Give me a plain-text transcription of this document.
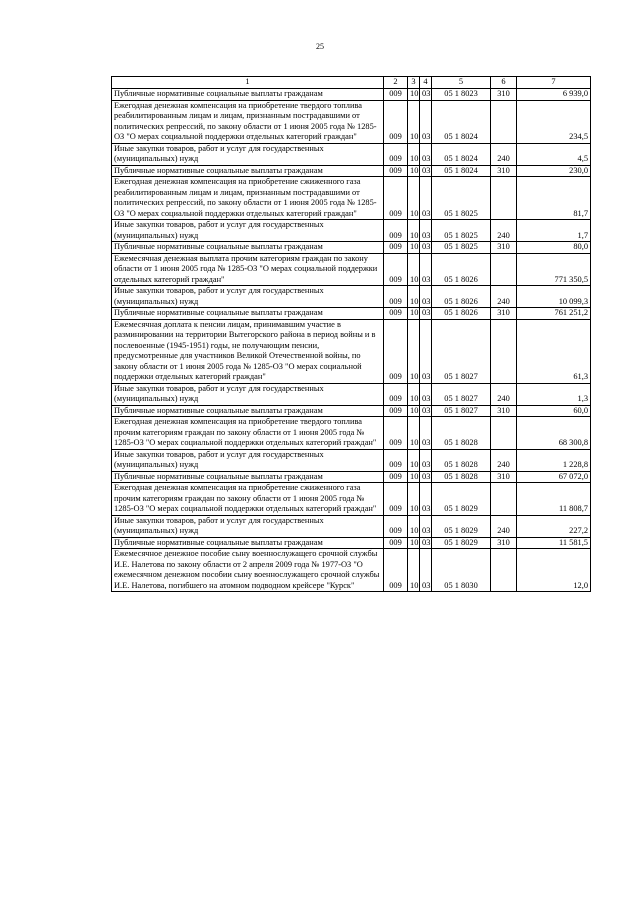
25
1	2	3	4	5	6	7
Публичные нормативные социальные выплаты гражданам	009	10	03	05 1 8023	310	6 939,0
Ежегодная денежная компенсация на приобретение твердого топлива реабилитированным лицам и лицам, признанным пострадавшими от политических репрессий, по закону области от 1 июня 2005 года № 1285-ОЗ "О мерах социальной поддержки отдельных категорий граждан"	009	10	03	05 1 8024		234,5
Иные закупки товаров, работ и услуг для государственных (муниципальных) нужд	009	10	03	05 1 8024	240	4,5
Публичные нормативные социальные выплаты гражданам	009	10	03	05 1 8024	310	230,0
Ежегодная денежная компенсация на приобретение сжиженного газа реабилитированным лицам и лицам, признанным пострадавшими от политических репрессий, по закону области от 1 июня 2005 года № 1285-ОЗ "О мерах социальной поддержки отдельных категорий граждан"	009	10	03	05 1 8025		81,7
Иные закупки товаров, работ и услуг для государственных (муниципальных) нужд	009	10	03	05 1 8025	240	1,7
Публичные нормативные социальные выплаты гражданам	009	10	03	05 1 8025	310	80,0
Ежемесячная денежная выплата прочим категориям граждан по закону области от 1 июня 2005 года № 1285-ОЗ "О мерах социальной поддержки отдельных категорий граждан"	009	10	03	05 1 8026		771 350,5
Иные закупки товаров, работ и услуг для государственных (муниципальных) нужд	009	10	03	05 1 8026	240	10 099,3
Публичные нормативные социальные выплаты гражданам	009	10	03	05 1 8026	310	761 251,2
Ежемесячная доплата к пенсии лицам, принимавшим участие в разминировании на территории Вытегорского района в период войны и в послевоенные (1945-1951) годы, не получающим пенсии, предусмотренные для участников Великой Отечественной войны, по закону области от 1 июня 2005 года № 1285-ОЗ "О мерах социальной поддержки отдельных категорий граждан"	009	10	03	05 1 8027		61,3
Иные закупки товаров, работ и услуг для государственных (муниципальных) нужд	009	10	03	05 1 8027	240	1,3
Публичные нормативные социальные выплаты гражданам	009	10	03	05 1 8027	310	60,0
Ежегодная денежная компенсация на приобретение твердого топлива прочим категориям граждан по закону области от 1 июня 2005 года № 1285-ОЗ "О мерах социальной поддержки отдельных категорий граждан"	009	10	03	05 1 8028		68 300,8
Иные закупки товаров, работ и услуг для государственных (муниципальных) нужд	009	10	03	05 1 8028	240	1 228,8
Публичные нормативные социальные выплаты гражданам	009	10	03	05 1 8028	310	67 072,0
Ежегодная денежная компенсация на приобретение сжиженного газа прочим категориям граждан по закону области от 1 июня 2005 года № 1285-ОЗ "О мерах социальной поддержки отдельных категорий граждан"	009	10	03	05 1 8029		11 808,7
Иные закупки товаров, работ и услуг для государственных (муниципальных) нужд	009	10	03	05 1 8029	240	227,2
Публичные нормативные социальные выплаты гражданам	009	10	03	05 1 8029	310	11 581,5
Ежемесячное денежное пособие сыну военнослужащего срочной службы И.Е. Налетова по закону области от 2 апреля 2009 года № 1977-ОЗ "О ежемесячном денежном пособии сыну военнослужащего срочной службы И.Е. Налетова, погибшего на атомном подводном крейсере "Курск"	009	10	03	05 1 8030		12,0
